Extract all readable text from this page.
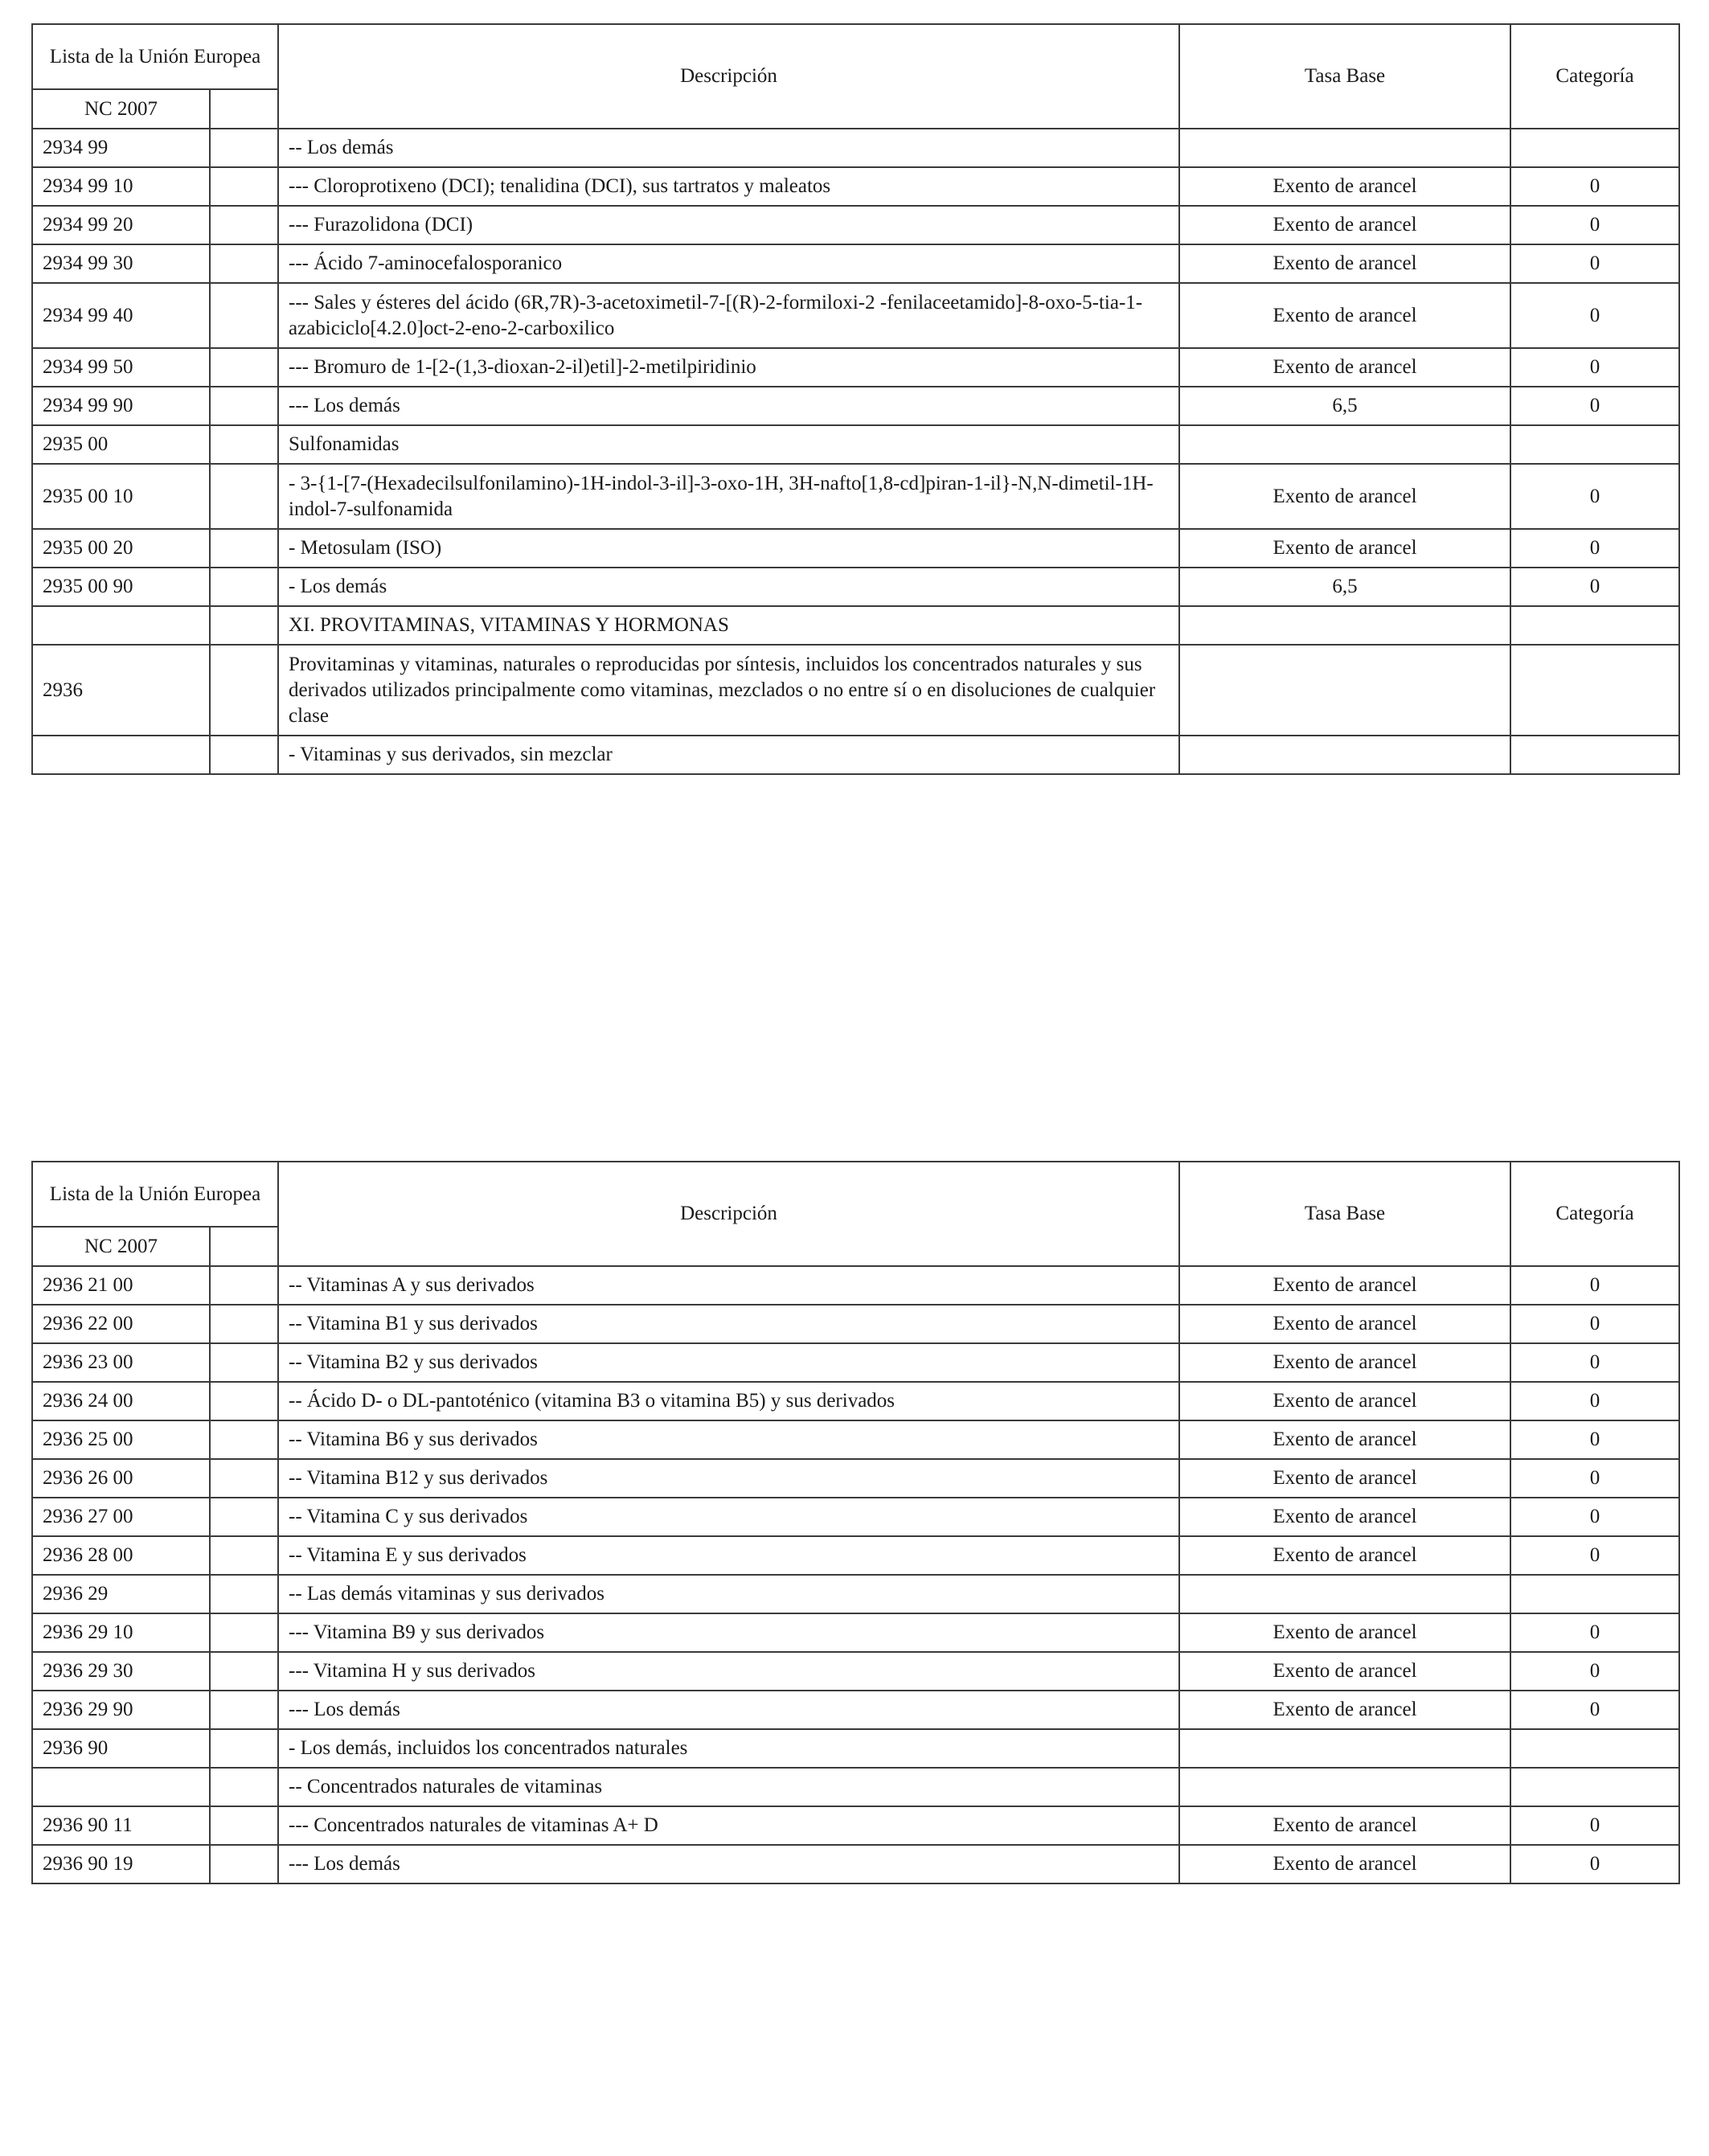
Lista de la Unión Europea		Descripción	Tasa Base	Categoría
NC 2007				
2934 99		-- Los demás		
2934 99 10		--- Cloroprotixeno (DCI); tenalidina (DCI), sus tartratos y maleatos	Exento de arancel	0
2934 99 20		--- Furazolidona (DCI)	Exento de arancel	0
2934 99 30		--- Ácido 7-aminocefalosporanico	Exento de arancel	0
2934 99 40		--- Sales y ésteres del ácido (6R,7R)-3-acetoximetil-7-[(R)-2-formiloxi-2 -fenilaceetamido]-8-oxo-5-tia-1-azabiciclo[4.2.0]oct-2-eno-2-carboxilico	Exento de arancel	0
2934 99 50		--- Bromuro de 1-[2-(1,3-dioxan-2-il)etil]-2-metilpiridinio	Exento de arancel	0
2934 99 90		--- Los demás	6,5	0
2935 00		Sulfonamidas		
2935 00 10		- 3-{1-[7-(Hexadecilsulfonilamino)-1H-indol-3-il]-3-oxo-1H, 3H-nafto[1,8-cd]piran-1-il}-N,N-dimetil-1H-indol-7-sulfonamida	Exento de arancel	0
2935 00 20		- Metosulam (ISO)	Exento de arancel	0
2935 00 90		- Los demás	6,5	0
		XI. PROVITAMINAS, VITAMINAS Y HORMONAS		
2936		Provitaminas y vitaminas, naturales o reproducidas por síntesis, incluidos los concentrados naturales y sus derivados utilizados principalmente como vitaminas, mezclados o no entre sí o en disoluciones de cualquier clase		
		- Vitaminas y sus derivados, sin mezclar		
Lista de la Unión Europea		Descripción	Tasa Base	Categoría
NC 2007				
2936 21 00		-- Vitaminas A y sus derivados	Exento de arancel	0
2936 22 00		-- Vitamina B1 y sus derivados	Exento de arancel	0
2936 23 00		-- Vitamina B2 y sus derivados	Exento de arancel	0
2936 24 00		-- Ácido D- o DL-pantoténico (vitamina B3 o vitamina B5) y sus derivados	Exento de arancel	0
2936 25 00		-- Vitamina B6 y sus derivados	Exento de arancel	0
2936 26 00		-- Vitamina B12 y sus derivados	Exento de arancel	0
2936 27 00		-- Vitamina C y sus derivados	Exento de arancel	0
2936 28 00		-- Vitamina E y sus derivados	Exento de arancel	0
2936 29		-- Las demás vitaminas y sus derivados		
2936 29 10		--- Vitamina B9 y sus derivados	Exento de arancel	0
2936 29 30		--- Vitamina H y sus derivados	Exento de arancel	0
2936 29 90		--- Los demás	Exento de arancel	0
2936 90		- Los demás, incluidos los concentrados naturales		
		-- Concentrados naturales de vitaminas		
2936 90 11		--- Concentrados naturales de vitaminas A+ D	Exento de arancel	0
2936 90 19		--- Los demás	Exento de arancel	0
